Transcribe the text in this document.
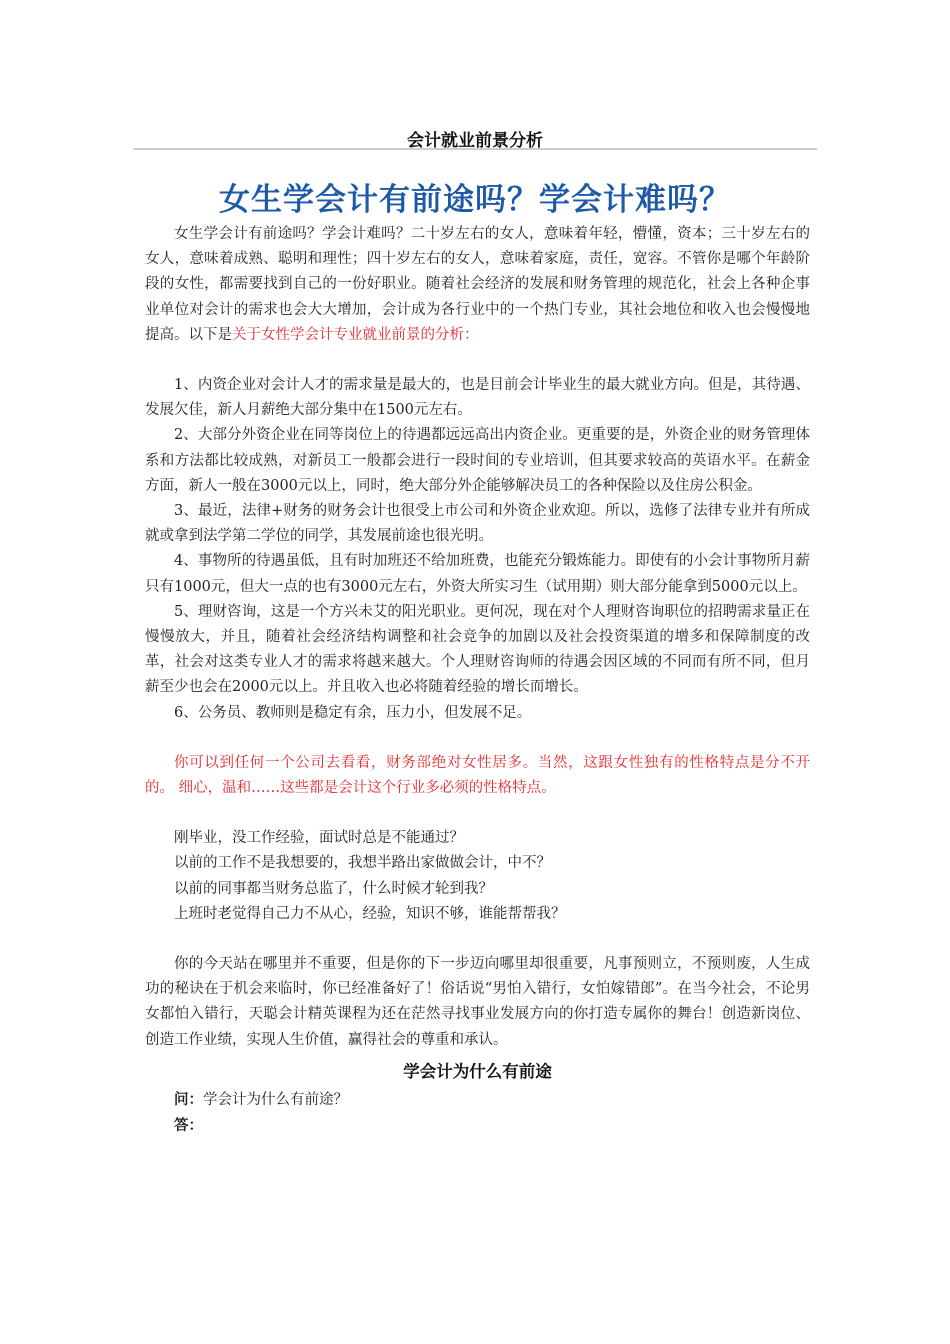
会计就业前景分析
女生学会计有前途吗？学会计难吗？

女生学会计有前途吗？学会计难吗？二十岁左右的女人，意味着年轻，懵懂，资本；三十岁左右的女人，意味着成熟、聪明和理性；四十岁左右的女人，意味着家庭，责任，宽容。不管你是哪个年龄阶段的女性，都需要找到自己的一份好职业。随着社会经济的发展和财务管理的规范化，社会上各种企事业单位对会计的需求也会大大增加，会计成为各行业中的一个热门专业，其社会地位和收入也会慢慢地提高。以下是关于女性学会计专业就业前景的分析：

1、内资企业对会计人才的需求量是最大的，也是目前会计毕业生的最大就业方向。但是，其待遇、发展欠佳，新人月薪绝大部分集中在1500元左右。

2、大部分外资企业在同等岗位上的待遇都远远高出内资企业。更重要的是，外资企业的财务管理体系和方法都比较成熟，对新员工一般都会进行一段时间的专业培训，但其要求较高的英语水平。在薪金方面，新人一般在3000元以上，同时，绝大部分外企能够解决员工的各种保险以及住房公积金。

3、最近，法律+财务的财务会计也很受上市公司和外资企业欢迎。所以，选修了法律专业并有所成就或拿到法学第二学位的同学，其发展前途也很光明。

4、事物所的待遇虽低，且有时加班还不给加班费，也能充分锻炼能力。即使有的小会计事物所月薪只有1000元，但大一点的也有3000元左右，外资大所实习生（试用期）则大部分能拿到5000元以上。

5、理财咨询，这是一个方兴未艾的阳光职业。更何况，现在对个人理财咨询职位的招聘需求量正在慢慢放大，并且，随着社会经济结构调整和社会竞争的加剧以及社会投资渠道的增多和保障制度的改革，社会对这类专业人才的需求将越来越大。个人理财咨询师的待遇会因区域的不同而有所不同，但月薪至少也会在2000元以上。并且收入也必将随着经验的增长而增长。

6、公务员、教师则是稳定有余，压力小，但发展不足。

你可以到任何一个公司去看看，财务部绝对女性居多。当然，这跟女性独有的性格特点是分不开的。 细心，温和……这些都是会计这个行业多必须的性格特点。

刚毕业，没工作经验，面试时总是不能通过？

以前的工作不是我想要的，我想半路出家做做会计，中不？

以前的同事都当财务总监了，什么时候才轮到我？

上班时老觉得自己力不从心，经验，知识不够，谁能帮帮我？

你的今天站在哪里并不重要，但是你的下一步迈向哪里却很重要，凡事预则立，不预则废，人生成功的秘诀在于机会来临时，你已经准备好了！俗话说“男怕入错行，女怕嫁错郎”。在当今社会，不论男女都怕入错行，天聪会计精英课程为还在茫然寻找事业发展方向的你打造专属你的舞台！创造新岗位、创造工作业绩，实现人生价值，赢得社会的尊重和承认。

学会计为什么有前途
问：学会计为什么有前途？
答：
